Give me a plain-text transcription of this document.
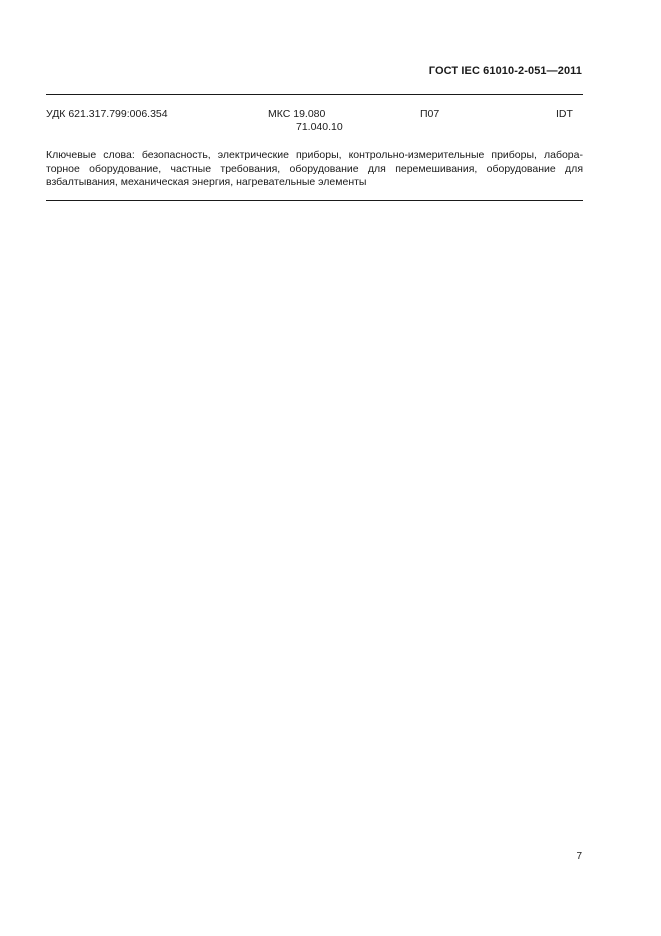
ГОСТ IEC 61010-2-051—2011
УДК 621.317.799:006.354	МКС 19.080
71.040.10
П07	IDT

Ключевые слова: безопасность, электрические приборы, контрольно-измерительные приборы, лабора-
торное оборудование, частные требования, оборудование для перемешивания, оборудование для
взбалтывания, механическая энергия, нагревательные элементы

7
